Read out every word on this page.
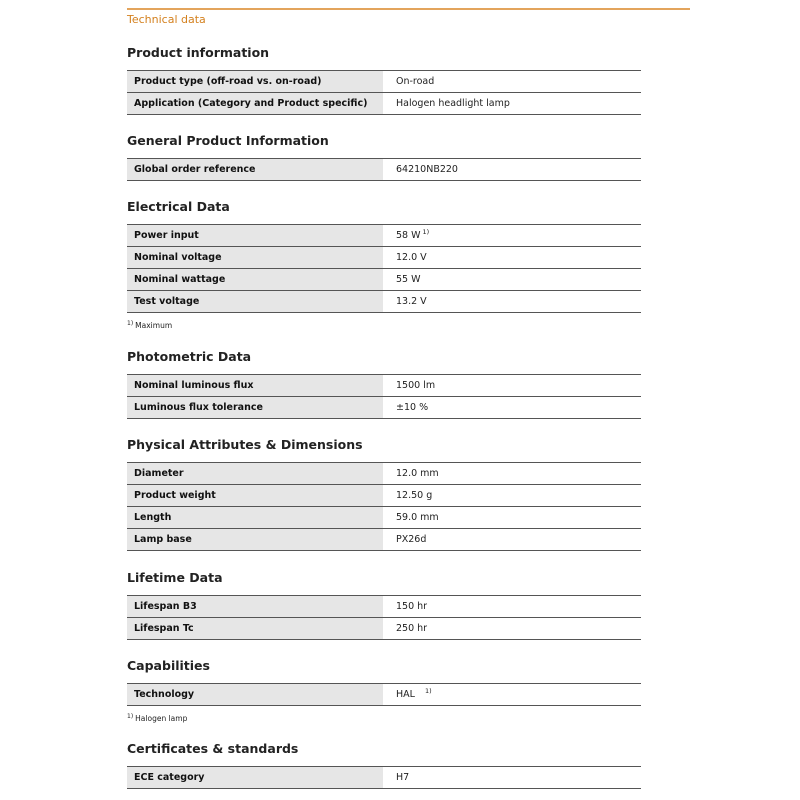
Technical data
Product information
Product type (off-road vs. on-road)	On-road
Application (Category and Product specific)	Halogen headlight lamp
General Product Information
Global order reference	64210NB220
Electrical Data
Power input	58 W $^{1)}$
Nominal voltage	12.0 V
Nominal wattage	55 W
Test voltage	13.2 V
$^{1)}$ Maximum
Photometric Data
Nominal luminous flux	1500 lm
Luminous flux tolerance	±10 %
Physical Attributes & Dimensions
Diameter	12.0 mm
Product weight	12.50 g
Length	59.0 mm
Lamp base	PX26d
Lifetime Data
Lifespan B3	150 hr
Lifespan Tc	250 hr
Capabilities
Technology	HAL $^{1)}$
$^{1)}$ Halogen lamp
Certificates & standards
ECE category	H7
